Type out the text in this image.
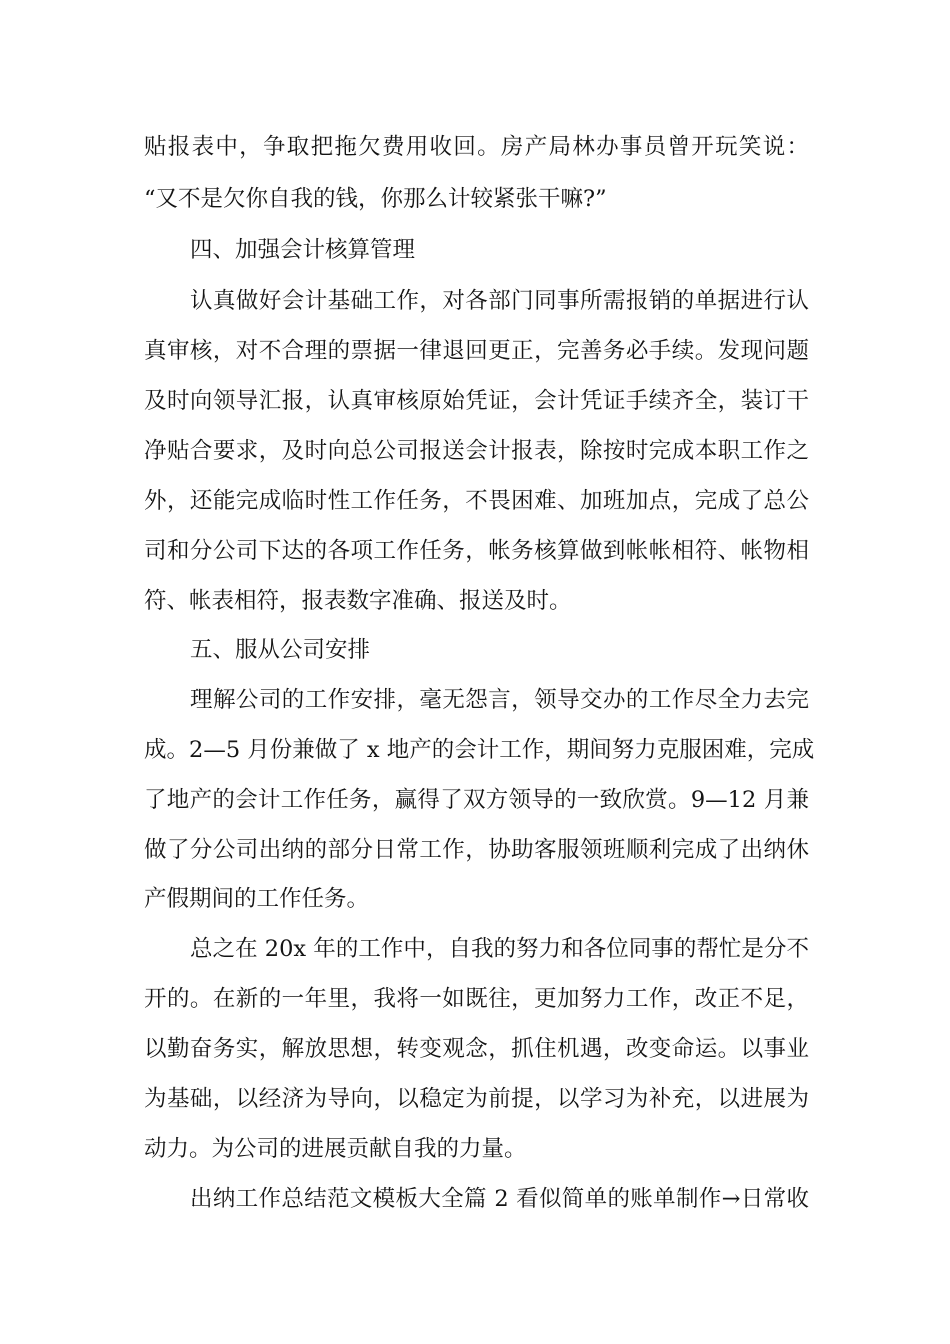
贴报表中，争取把拖欠费用收回。房产局林办事员曾开玩笑说：
“又不是欠你自我的钱，你那么计较紧张干嘛?”
四、加强会计核算管理
认真做好会计基础工作，对各部门同事所需报销的单据进行认
真审核，对不合理的票据一律退回更正，完善务必手续。发现问题
及时向领导汇报，认真审核原始凭证，会计凭证手续齐全，装订干
净贴合要求，及时向总公司报送会计报表，除按时完成本职工作之
外，还能完成临时性工作任务，不畏困难、加班加点，完成了总公
司和分公司下达的各项工作任务，帐务核算做到帐帐相符、帐物相
符、帐表相符，报表数字准确、报送及时。
五、服从公司安排
理解公司的工作安排，毫无怨言，领导交办的工作尽全力去完
成。2—5 月份兼做了 x 地产的会计工作，期间努力克服困难，完成
了地产的会计工作任务，赢得了双方领导的一致欣赏。9—12 月兼
做了分公司出纳的部分日常工作，协助客服领班顺利完成了出纳休
产假期间的工作任务。
总之在 20x 年的工作中，自我的努力和各位同事的帮忙是分不
开的。在新的一年里，我将一如既往，更加努力工作，改正不足，
以勤奋务实，解放思想，转变观念，抓住机遇，改变命运。以事业
为基础，以经济为导向，以稳定为前提，以学习为补充，以进展为
动力。为公司的进展贡献自我的力量。
出纳工作总结范文模板大全篇 2 看似简单的账单制作→日常收
